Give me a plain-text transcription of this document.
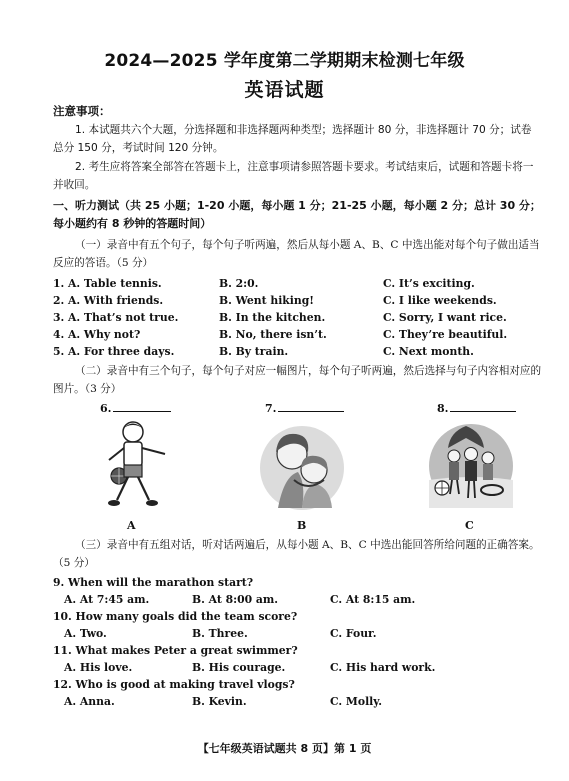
2024—2025 学年度第二学期期末检测七年级
英语试题
注意事项：
1. 本试题共六个大题，分选择题和非选择题两种类型；选择题计 80 分，非选择题计 70 分；试卷总分 150 分，考试时间 120 分钟。
2. 考生应将答案全部答在答题卡上，注意事项请参照答题卡要求。考试结束后，试题和答题卡将一并收回。
一、听力测试（共 25 小题；1-20 小题，每小题 1 分；21-25 小题，每小题 2 分；总计 30 分；每小题约有 8 秒钟的答题时间）
（一）录音中有五个句子，每个句子听两遍，然后从每小题 A、B、C 中选出能对每个句子做出适当反应的答语。（5 分）
1. A. Table tennis.	B. 2:0.	C. It’s exciting.
2. A. With friends.	B. Went hiking!	C. I like weekends.
3. A. That’s not true.	B. In the kitchen.	C. Sorry, I want rice.
4. A. Why not?	B. No, there isn’t.	C. They’re beautiful.
5. A. For three days.	B. By train.	C. Next month.
（二）录音中有三个句子，每个句子对应一幅图片，每个句子听两遍，然后选择与句子内容相对应的图片。（3 分）
6.	7.	8.
A	B	C
（三）录音中有五组对话，听对话两遍后，从每小题 A、B、C 中选出能回答所给问题的正确答案。（5 分）
9. When will the marathon start?
A. At 7:45 am.	B. At 8:00 am.	C. At 8:15 am.
10. How many goals did the team score?
A. Two.	B. Three.	C. Four.
11. What makes Peter a great swimmer?
A. His love.	B. His courage.	C. His hard work.
12. Who is good at making travel vlogs?
A. Anna.	B. Kevin.	C. Molly.
【七年级英语试题共 8 页】第 1 页
